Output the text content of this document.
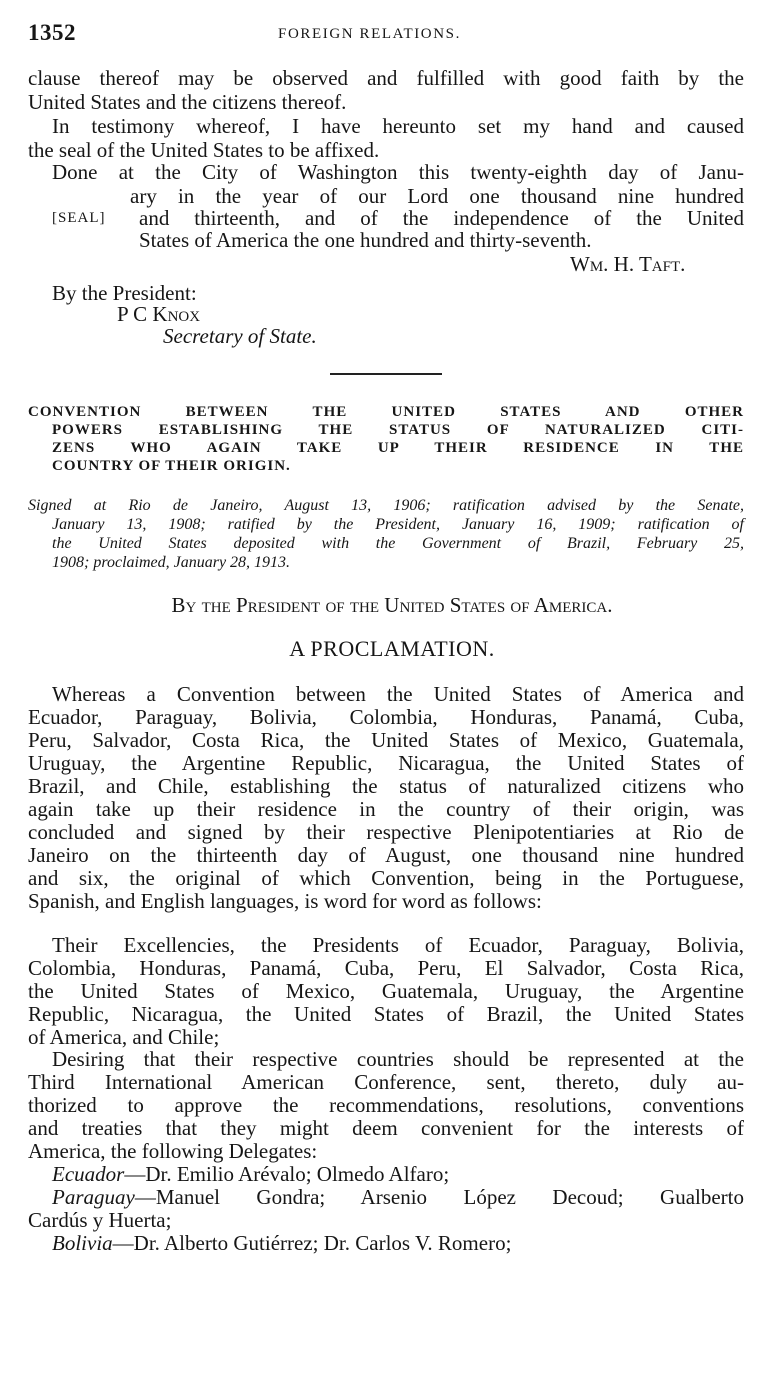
1352	FOREIGN RELATIONS.
clause thereof may be observed and fulfilled with good faith by the
United States and the citizens thereof.
In testimony whereof, I have hereunto set my hand and caused
the seal of the United States to be affixed.
Done at the City of Washington this twenty-eighth day of Janu-
ary in the year of our Lord one thousand nine hundred
[SEAL] and thirteenth, and of the independence of the United
States of America the one hundred and thirty-seventh.
Wm. H. Taft.
By the President:
P C Knox
Secretary of State.
CONVENTION BETWEEN THE UNITED STATES AND OTHER
POWERS ESTABLISHING THE STATUS OF NATURALIZED CITI-
ZENS WHO AGAIN TAKE UP THEIR RESIDENCE IN THE
COUNTRY OF THEIR ORIGIN.
Signed at Rio de Janeiro, August 13, 1906; ratification advised by the Senate,
January 13, 1908; ratified by the President, January 16, 1909; ratification of
the United States deposited with the Government of Brazil, February 25,
1908; proclaimed, January 28, 1913.
By the President of the United States of America.
A PROCLAMATION.
Whereas a Convention between the United States of America and
Ecuador, Paraguay, Bolivia, Colombia, Honduras, Panamá, Cuba,
Peru, Salvador, Costa Rica, the United States of Mexico, Guatemala,
Uruguay, the Argentine Republic, Nicaragua, the United States of
Brazil, and Chile, establishing the status of naturalized citizens who
again take up their residence in the country of their origin, was
concluded and signed by their respective Plenipotentiaries at Rio de
Janeiro on the thirteenth day of August, one thousand nine hundred
and six, the original of which Convention, being in the Portuguese,
Spanish, and English languages, is word for word as follows:
Their Excellencies, the Presidents of Ecuador, Paraguay, Bolivia,
Colombia, Honduras, Panamá, Cuba, Peru, El Salvador, Costa Rica,
the United States of Mexico, Guatemala, Uruguay, the Argentine
Republic, Nicaragua, the United States of Brazil, the United States
of America, and Chile;
Desiring that their respective countries should be represented at the
Third International American Conference, sent, thereto, duly au-
thorized to approve the recommendations, resolutions, conventions
and treaties that they might deem convenient for the interests of
America, the following Delegates:
Ecuador—Dr. Emilio Arévalo; Olmedo Alfaro;
Paraguay—Manuel Gondra; Arsenio López Decoud; Gualberto
Cardús y Huerta;
Bolivia—Dr. Alberto Gutiérrez; Dr. Carlos V. Romero;
